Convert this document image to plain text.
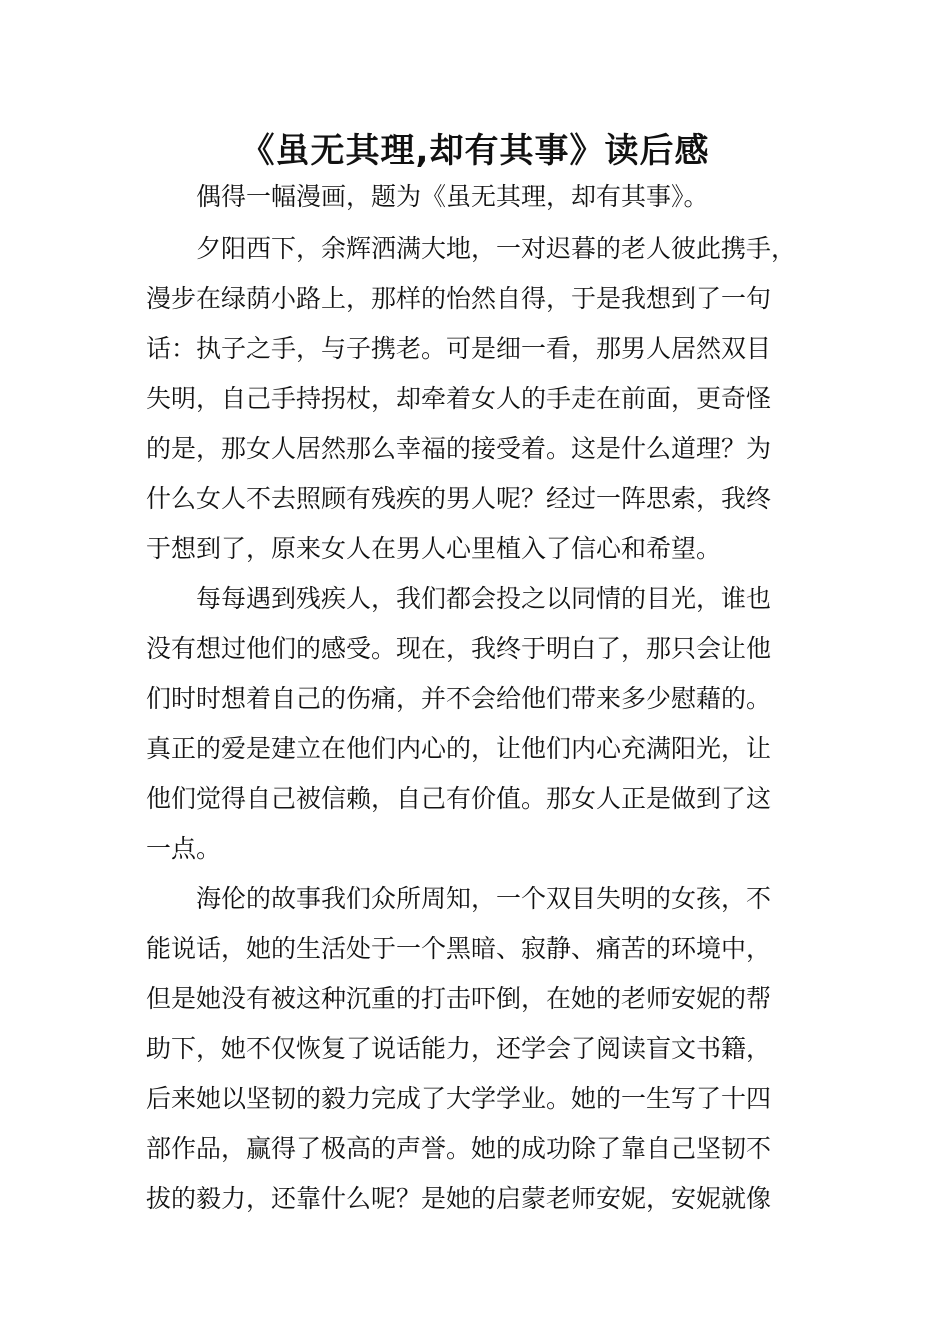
《虽无其理,却有其事》读后感
偶得一幅漫画，题为《虽无其理，却有其事》。
夕阳西下，余辉洒满大地，一对迟暮的老人彼此携手，
漫步在绿荫小路上，那样的怡然自得，于是我想到了一句
话：执子之手，与子携老。可是细一看，那男人居然双目
失明，自己手持拐杖，却牵着女人的手走在前面，更奇怪
的是，那女人居然那么幸福的接受着。这是什么道理？为
什么女人不去照顾有残疾的男人呢？经过一阵思索，我终
于想到了，原来女人在男人心里植入了信心和希望。
每每遇到残疾人，我们都会投之以同情的目光，谁也
没有想过他们的感受。现在，我终于明白了，那只会让他
们时时想着自己的伤痛，并不会给他们带来多少慰藉的。
真正的爱是建立在他们内心的，让他们内心充满阳光，让
他们觉得自己被信赖，自己有价值。那女人正是做到了这
一点。
海伦的故事我们众所周知，一个双目失明的女孩，不
能说话，她的生活处于一个黑暗、寂静、痛苦的环境中，
但是她没有被这种沉重的打击吓倒，在她的老师安妮的帮
助下，她不仅恢复了说话能力，还学会了阅读盲文书籍，
后来她以坚韧的毅力完成了大学学业。她的一生写了十四
部作品，赢得了极高的声誉。她的成功除了靠自己坚韧不
拔的毅力，还靠什么呢？是她的启蒙老师安妮，安妮就像
